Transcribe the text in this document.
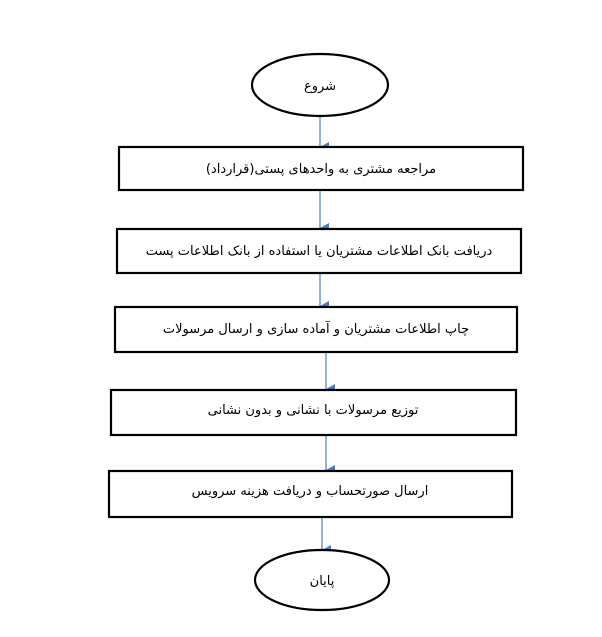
شروع
مراجعه مشتری به واحدهای پستی(قرارداد)
دریافت بانک اطلاعات مشتریان یا استفاده از بانک اطلاعات پست
چاپ اطلاعات مشتریان و آماده سازی و ارسال مرسولات
توزیع مرسولات با نشانی و بدون نشانی
ارسال صورتحساب و دریافت هزینه سرویس
پایان
